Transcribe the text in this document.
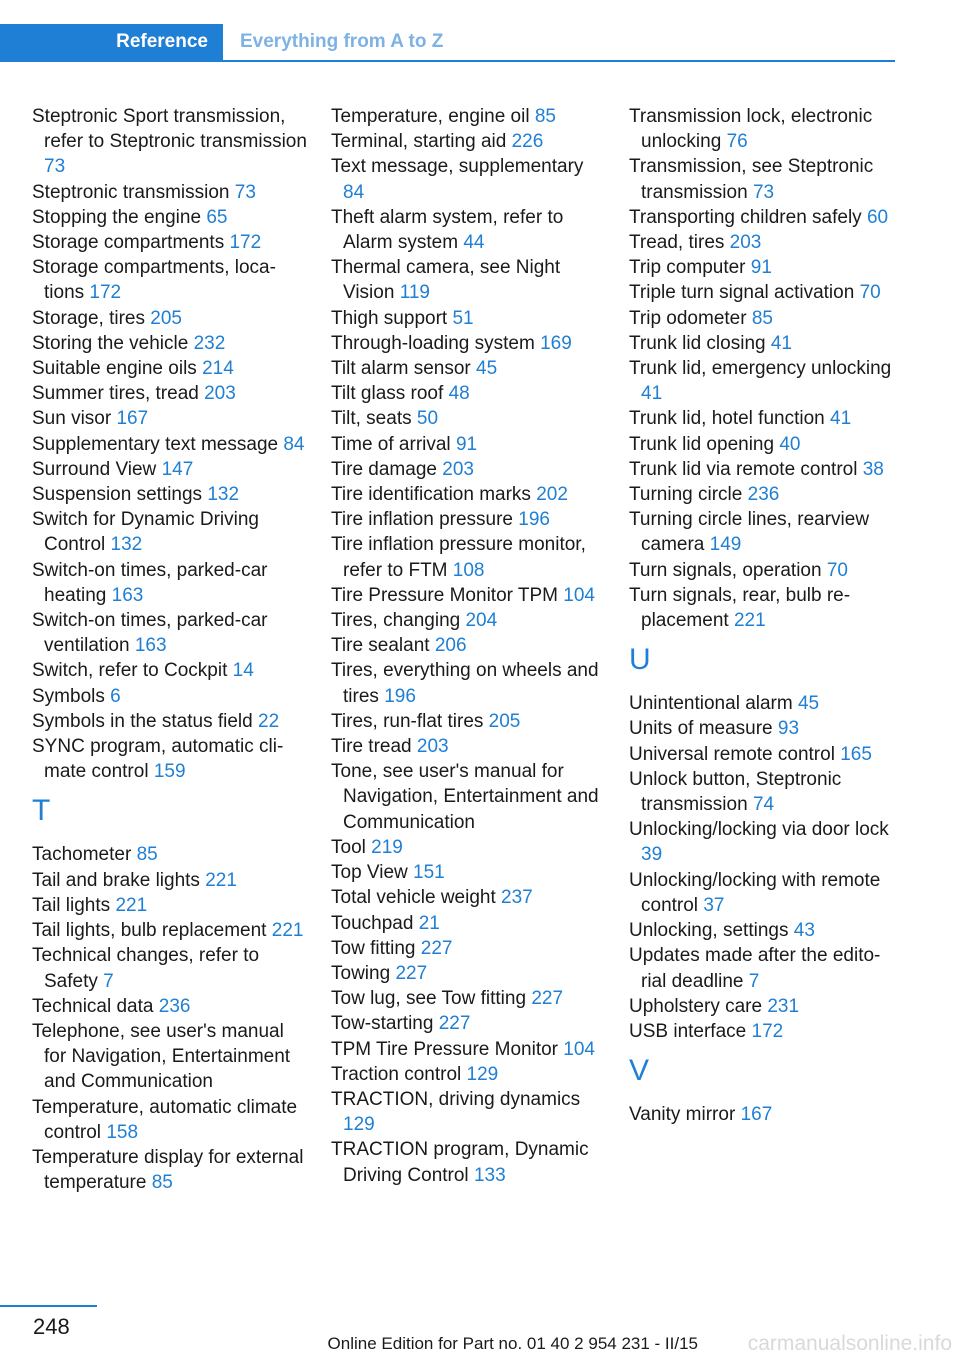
Reference	Everything from A to Z
Steptronic Sport transmission, refer to Steptronic transmission 73
Steptronic transmission 73
Stopping the engine 65
Storage compartments 172
Storage compartments, locations 172
Storage, tires 205
Storing the vehicle 232
Suitable engine oils 214
Summer tires, tread 203
Sun visor 167
Supplementary text message 84
Surround View 147
Suspension settings 132
Switch for Dynamic Driving Control 132
Switch-on times, parked-car heating 163
Switch-on times, parked-car ventilation 163
Switch, refer to Cockpit 14
Symbols 6
Symbols in the status field 22
SYNC program, automatic climate control 159
T
Tachometer 85
Tail and brake lights 221
Tail lights 221
Tail lights, bulb replacement 221
Technical changes, refer to Safety 7
Technical data 236
Telephone, see user's manual for Navigation, Entertainment and Communication
Temperature, automatic climate control 158
Temperature display for external temperature 85
Temperature, engine oil 85
Terminal, starting aid 226
Text message, supplementary 84
Theft alarm system, refer to Alarm system 44
Thermal camera, see Night Vision 119
Thigh support 51
Through-loading system 169
Tilt alarm sensor 45
Tilt glass roof 48
Tilt, seats 50
Time of arrival 91
Tire damage 203
Tire identification marks 202
Tire inflation pressure 196
Tire inflation pressure monitor, refer to FTM 108
Tire Pressure Monitor TPM 104
Tires, changing 204
Tire sealant 206
Tires, everything on wheels and tires 196
Tires, run-flat tires 205
Tire tread 203
Tone, see user's manual for Navigation, Entertainment and Communication
Tool 219
Top View 151
Total vehicle weight 237
Touchpad 21
Tow fitting 227
Towing 227
Tow lug, see Tow fitting 227
Tow-starting 227
TPM Tire Pressure Monitor 104
Traction control 129
TRACTION, driving dynamics 129
TRACTION program, Dynamic Driving Control 133
Transmission lock, electronic unlocking 76
Transmission, see Steptronic transmission 73
Transporting children safely 60
Tread, tires 203
Trip computer 91
Triple turn signal activation 70
Trip odometer 85
Trunk lid closing 41
Trunk lid, emergency unlocking 41
Trunk lid, hotel function 41
Trunk lid opening 40
Trunk lid via remote control 38
Turning circle 236
Turning circle lines, rearview camera 149
Turn signals, operation 70
Turn signals, rear, bulb replacement 221
U
Unintentional alarm 45
Units of measure 93
Universal remote control 165
Unlock button, Steptronic transmission 74
Unlocking/locking via door lock 39
Unlocking/locking with remote control 37
Unlocking, settings 43
Updates made after the editorial deadline 7
Upholstery care 231
USB interface 172
V
Vanity mirror 167
248
Online Edition for Part no. 01 40 2 954 231 - II/15 carmanualsonline.info
